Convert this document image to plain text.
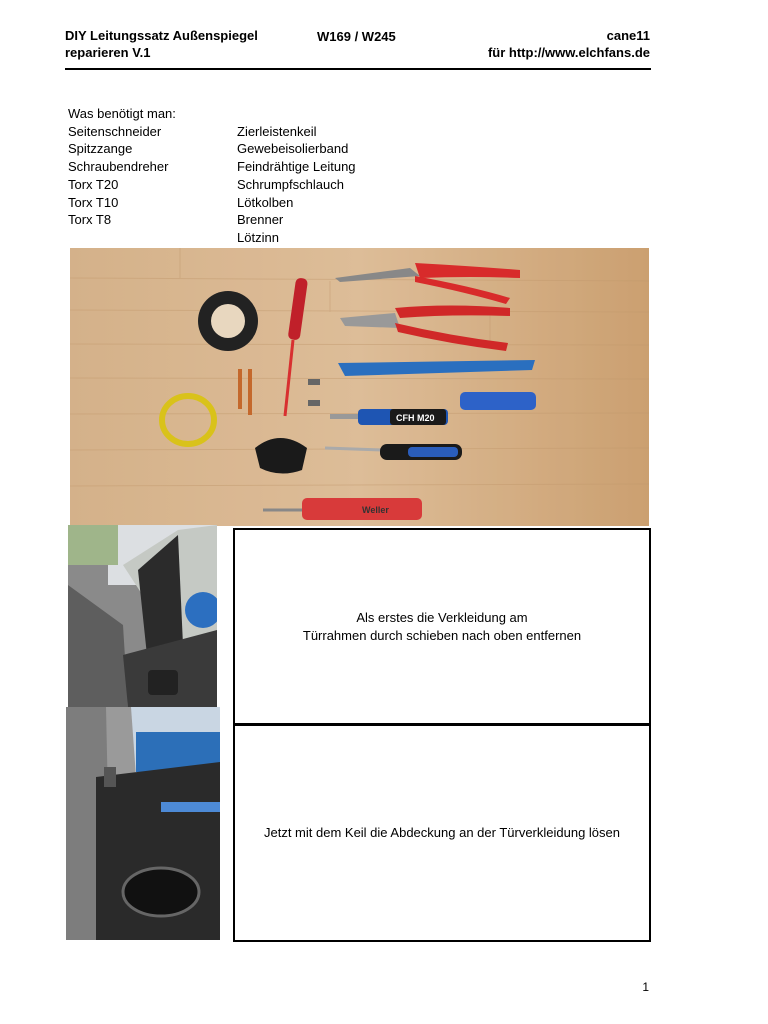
DIY Leitungssatz Außenspiegel
reparieren V.1
W169 / W245	cane11
für http://www.elchfans.de
Was benötigt man:
Seitenschneider
Spitzzange
Schraubendreher
Torx T20
Torx T10
Torx T8
Zierleistenkeil
Gewebeisolierband
Feindrähtige Leitung
Schrumpfschlauch
Lötkolben
Brenner
Lötzinn
CFH M20
Weller
Als erstes die Verkleidung am
Türrahmen durch schieben nach oben entfernen
Jetzt mit dem Keil die Abdeckung an der Türverkleidung lösen
1
